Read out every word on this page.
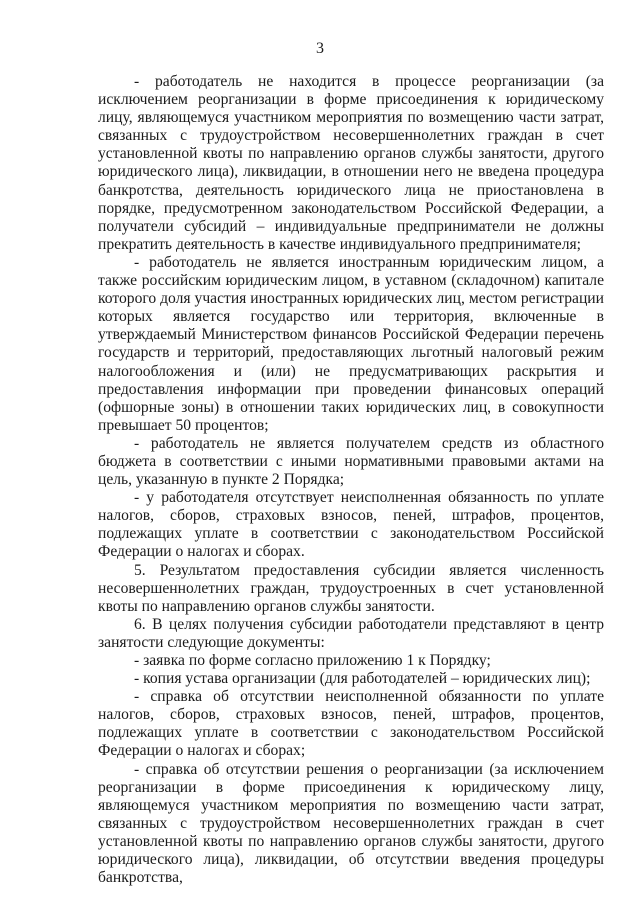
3

- работодатель не находится в процессе реорганизации (за исключением реорганизации в форме присоединения к юридическому лицу, являющемуся участником мероприятия по возмещению части затрат, связанных с трудоустройством несовершеннолетних граждан в счет установленной квоты по направлению органов службы занятости, другого юридического лица), ликвидации, в отношении него не введена процедура банкротства, деятельность юридического лица не приостановлена в порядке, предусмотренном законодательством Российской Федерации, а получатели субсидий – индивидуальные предприниматели не должны прекратить деятельность в качестве индивидуального предпринимателя;

- работодатель не является иностранным юридическим лицом, а также российским юридическим лицом, в уставном (складочном) капитале которого доля участия иностранных юридических лиц, местом регистрации которых является государство или территория, включенные в утверждаемый Министерством финансов Российской Федерации перечень государств и территорий, предоставляющих льготный налоговый режим налогообложения и (или) не предусматривающих раскрытия и предоставления информации при проведении финансовых операций (офшорные зоны) в отношении таких юридических лиц, в совокупности превышает 50 процентов;

- работодатель не является получателем средств из областного бюджета в соответствии с иными нормативными правовыми актами на цель, указанную в пункте 2 Порядка;

- у работодателя отсутствует неисполненная обязанность по уплате налогов, сборов, страховых взносов, пеней, штрафов, процентов, подлежащих уплате в соответствии с законодательством Российской Федерации о налогах и сборах.

5. Результатом предоставления субсидии является численность несовершеннолетних граждан, трудоустроенных в счет установленной квоты по направлению органов службы занятости.

6. В целях получения субсидии работодатели представляют в центр занятости следующие документы:

- заявка по форме согласно приложению 1 к Порядку;

- копия устава организации (для работодателей – юридических лиц);

- справка об отсутствии неисполненной обязанности по уплате налогов, сборов, страховых взносов, пеней, штрафов, процентов, подлежащих уплате в соответствии с законодательством Российской Федерации о налогах и сборах;

- справка об отсутствии решения о реорганизации (за исключением реорганизации в форме присоединения к юридическому лицу, являющемуся участником мероприятия по возмещению части затрат, связанных с трудоустройством несовершеннолетних граждан в счет установленной квоты по направлению органов службы занятости, другого юридического лица), ликвидации, об отсутствии введения процедуры банкротства,
